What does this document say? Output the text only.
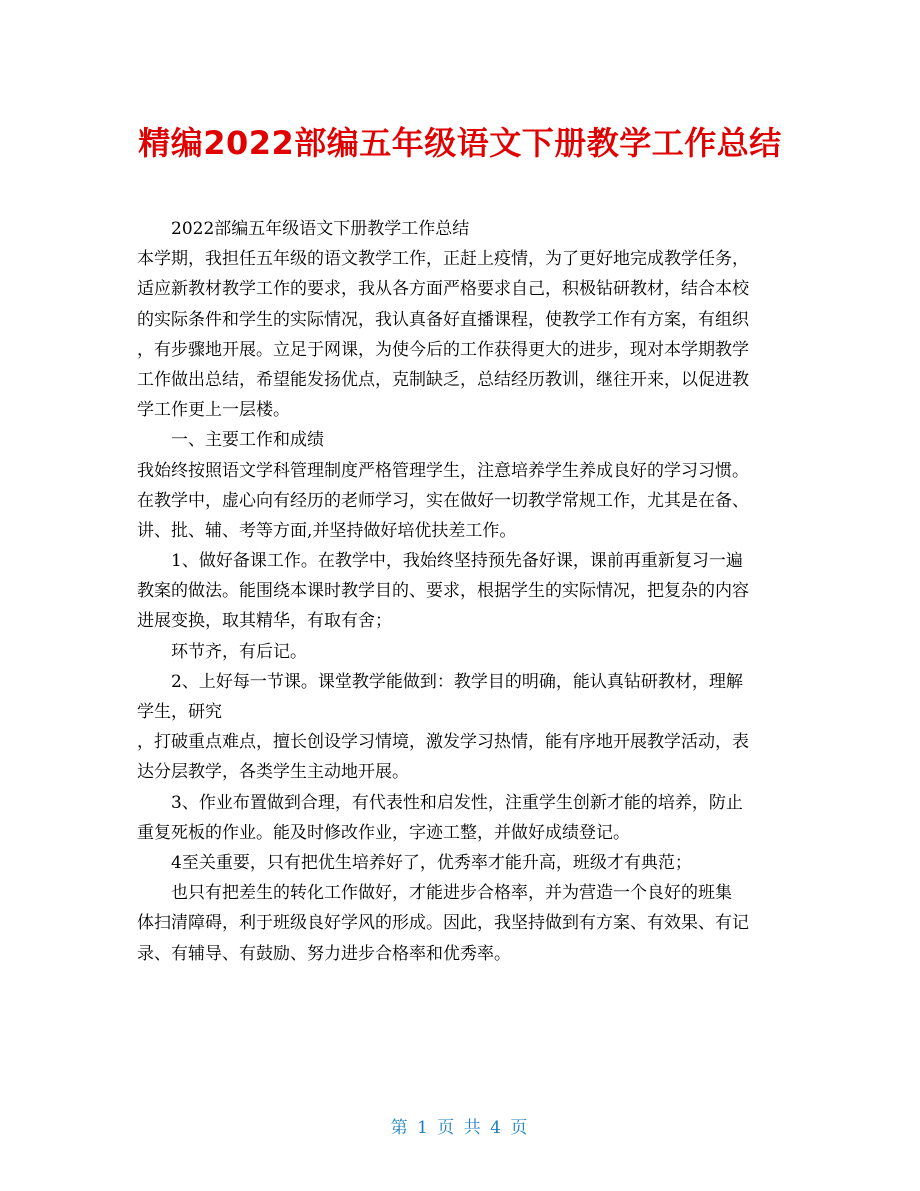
精编2022部编五年级语文下册教学工作总结
2022部编五年级语文下册教学工作总结
本学期，我担任五年级的语文教学工作，正赶上疫情，为了更好地完成教学任务，
适应新教材教学工作的要求，我从各方面严格要求自己，积极钻研教材，结合本校
的实际条件和学生的实际情况，我认真备好直播课程，使教学工作有方案，有组织
，有步骤地开展。立足于网课，为使今后的工作获得更大的进步，现对本学期教学
工作做出总结，希望能发扬优点，克制缺乏，总结经历教训，继往开来，以促进教
学工作更上一层楼。
一、主要工作和成绩
我始终按照语文学科管理制度严格管理学生，注意培养学生养成良好的学习习惯。
在教学中，虚心向有经历的老师学习，实在做好一切教学常规工作，尤其是在备、
讲、批、辅、考等方面,并坚持做好培优扶差工作。
1、做好备课工作。在教学中，我始终坚持预先备好课，课前再重新复习一遍
教案的做法。能围绕本课时教学目的、要求，根据学生的实际情况，把复杂的内容
进展变换，取其精华，有取有舍；
环节齐，有后记。
2、上好每一节课。课堂教学能做到：教学目的明确，能认真钻研教材，理解
学生，研究
，打破重点难点，擅长创设学习情境，激发学习热情，能有序地开展教学活动，表
达分层教学，各类学生主动地开展。
3、作业布置做到合理，有代表性和启发性，注重学生创新才能的培养，防止
重复死板的作业。能及时修改作业，字迹工整，并做好成绩登记。
4至关重要，只有把优生培养好了，优秀率才能升高，班级才有典范；
也只有把差生的转化工作做好，才能进步合格率，并为营造一个良好的班集
体扫清障碍，利于班级良好学风的形成。因此，我坚持做到有方案、有效果、有记
录、有辅导、有鼓励、努力进步合格率和优秀率。
第 1 页 共 4 页
